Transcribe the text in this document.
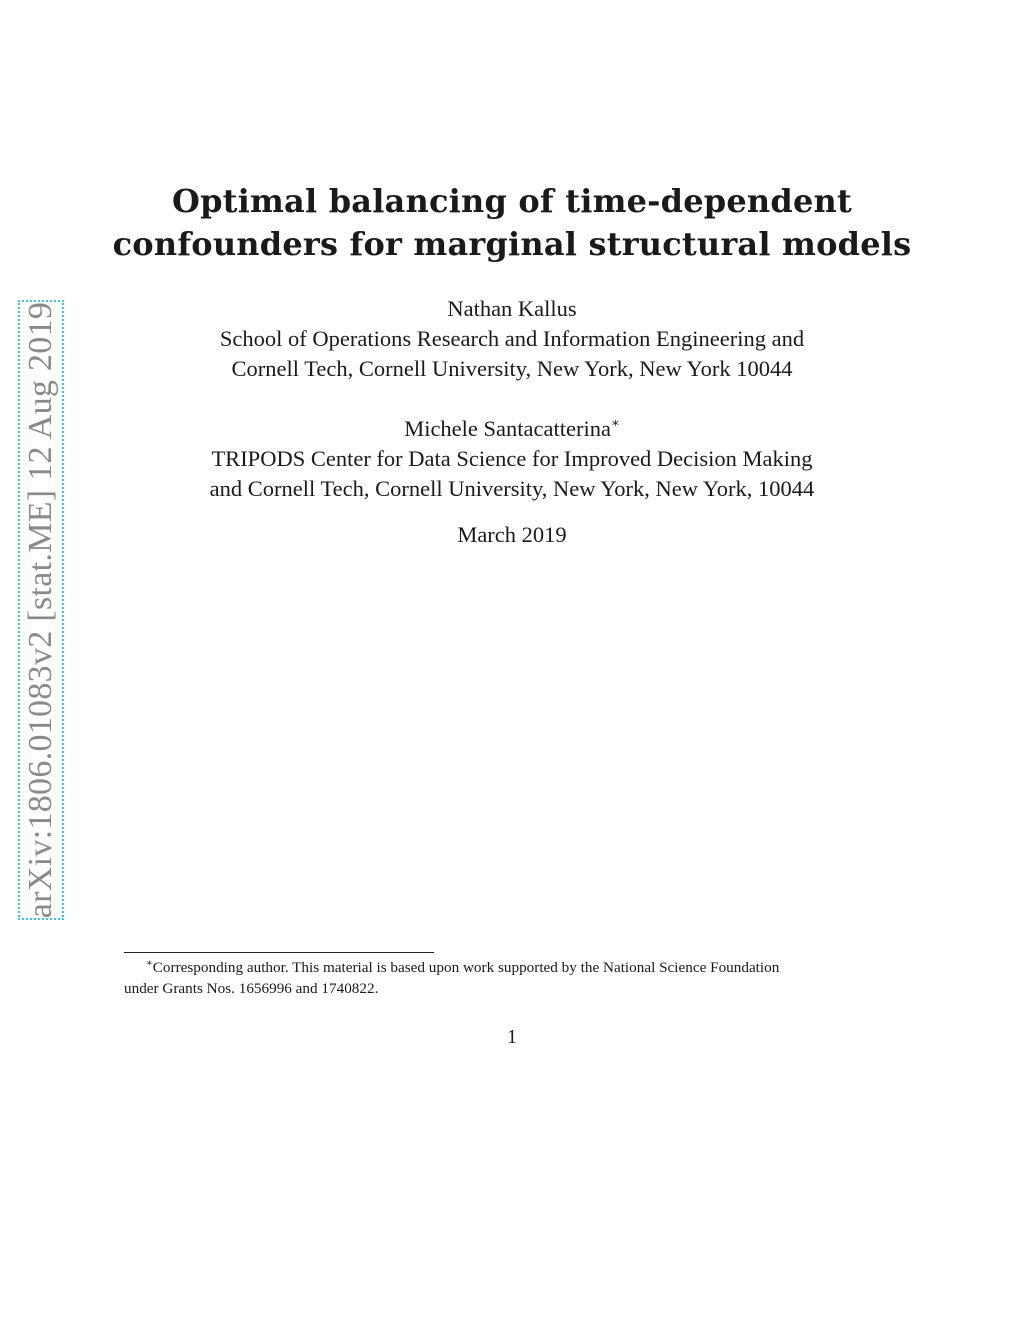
arXiv:1806.01083v2 [stat.ME] 12 Aug 2019
Optimal balancing of time-dependent
confounders for marginal structural models
Nathan Kallus
School of Operations Research and Information Engineering and
Cornell Tech, Cornell University, New York, New York 10044
Michele Santacatterina∗
TRIPODS Center for Data Science for Improved Decision Making
and Cornell Tech, Cornell University, New York, New York, 10044
March 2019
∗Corresponding author. This material is based upon work supported by the National Science Foundation
under Grants Nos. 1656996 and 1740822.
1
